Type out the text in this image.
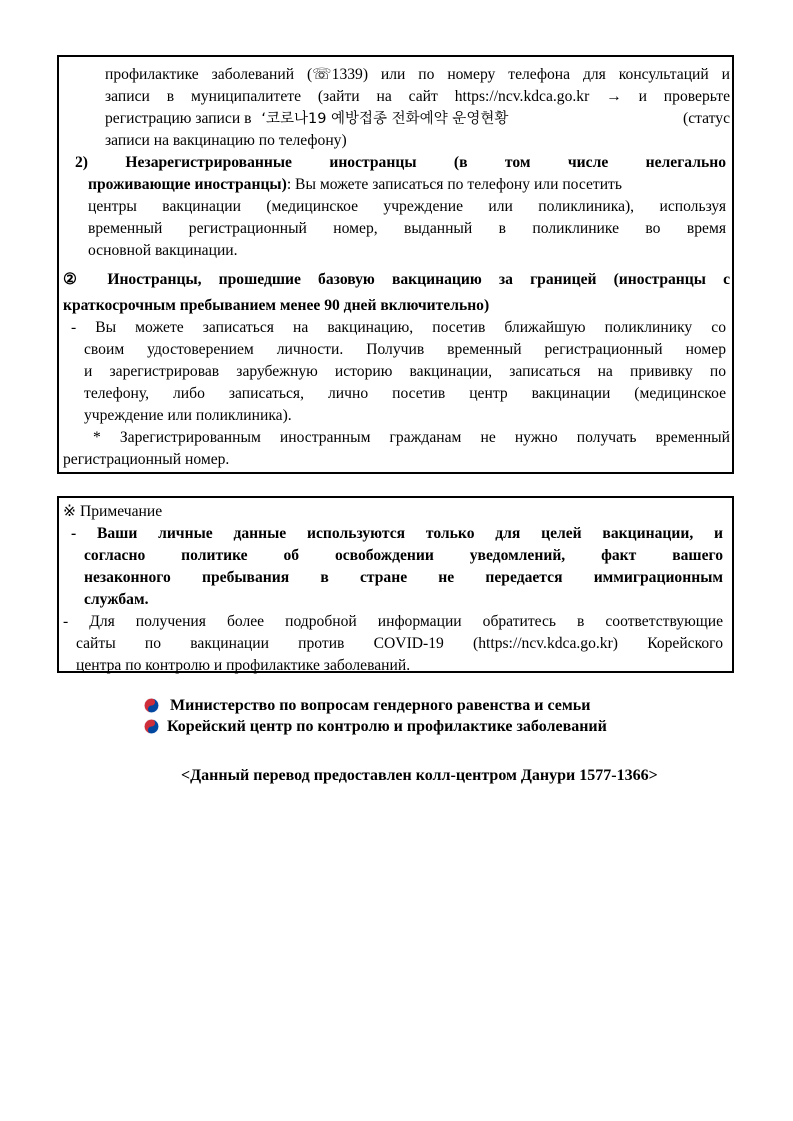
профилактике заболеваний (☏1339) или по номеру телефона для консультаций и
записи в муниципалитете (зайти на сайт https://ncv.kdca.go.kr → и проверьте
регистрацию записи в ‘코로나19 예방접종 전화예약 운영현황	(статус
записи на вакцинацию по телефону)
2) Незарегистрированные иностранцы (в том числе нелегально
проживающие иностранцы): Вы можете записаться по телефону или посетить
центры вакцинации (медицинское учреждение или поликлиника), используя
временный регистрационный номер, выданный в поликлинике во время
основной вакцинации.
② Иностранцы, прошедшие базовую вакцинацию за границей (иностранцы с
краткосрочным пребыванием менее 90 дней включительно)
- Вы можете записаться на вакцинацию, посетив ближайшую поликлинику со
своим удостоверением личности. Получив временный регистрационный номер
и зарегистрировав зарубежную историю вакцинации, записаться на прививку по
телефону, либо записаться, лично посетив центр вакцинации (медицинское
учреждение или поликлиника).
* Зарегистрированным иностранным гражданам не нужно получать временный
регистрационный номер.
※ Примечание
- Ваши личные данные используются только для целей вакцинации, и
согласно политике об освобождении уведомлений, факт вашего
незаконного пребывания в стране не передается иммиграционным
службам.
- Для получения более подробной информации обратитесь в соответствующие
сайты по вакцинации против COVID-19 (https://ncv.kdca.go.kr) Корейского
центра по контролю и профилактике заболеваний.
Министерство по вопросам гендерного равенства и семьи
Корейский центр по контролю и профилактике заболеваний
<Данный перевод предоставлен колл-центром Данури 1577-1366>
